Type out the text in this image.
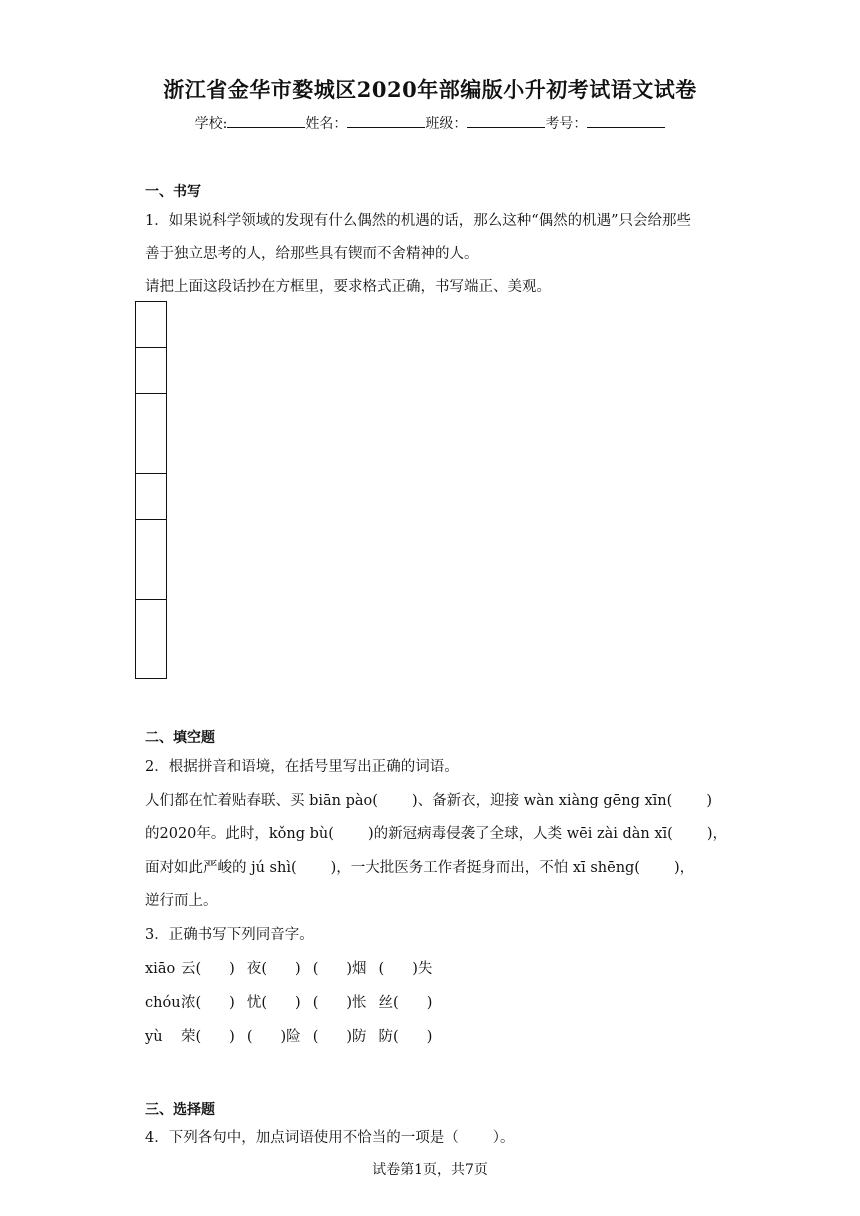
浙江省金华市婺城区2020年部编版小升初考试语文试卷
学校:	姓名：	班级：	考号：
一、书写
1．如果说科学领域的发现有什么偶然的机遇的话，那么这种“偶然的机遇”只会给那些
善于独立思考的人，给那些具有锲而不舍精神的人。
请把上面这段话抄在方框里，要求格式正确，书写端正、美观。
二、填空题
2．根据拼音和语境，在括号里写出正确的词语。
人们都在忙着贴春联、买 biān pào( )、备新衣，迎接 wàn xiàng gēng xīn( )
的2020年。此时，kǒng bù( )的新冠病毒侵袭了全球，人类 wēi zài dàn xī( )，
面对如此严峻的 jú shì( )，一大批医务工作者挺身而出，不怕 xī shēng( )，
逆行而上。
3．正确书写下列同音字。
xiāo 云( ) 夜( ) ( )烟 ( )失
chóu浓( ) 忧( ) ( )怅 丝( )
yù 荣( ) ( )险 ( )防 防( )
三、选择题
4．下列各句中，加点词语使用不恰当的一项是（ ）。
试卷第1页，共7页
